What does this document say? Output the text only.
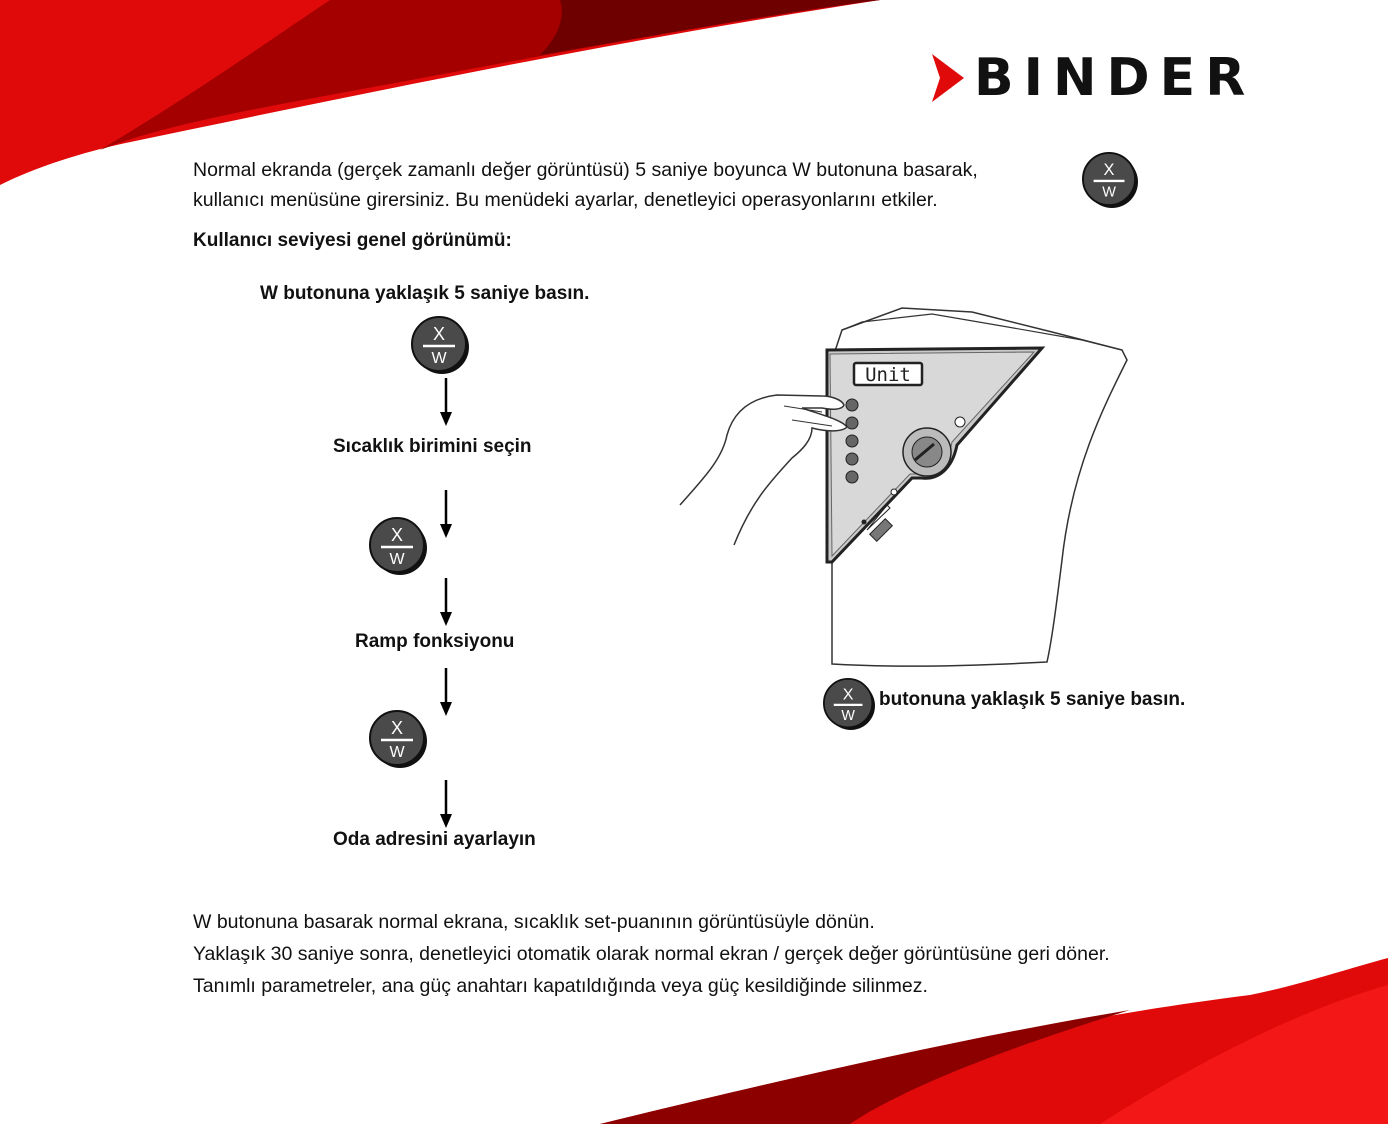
BINDER
Normal ekranda (gerçek zamanlı değer görüntüsü) 5 saniye boyunca W butonuna basarak,
kullanıcı menüsüne girersiniz. Bu menüdeki ayarlar, denetleyici operasyonlarını etkiler.
X
W
Kullanıcı seviyesi genel görünümü:
W butonuna yaklaşık 5 saniye basın.
X
W
Sıcaklık birimini seçin
X
W
Ramp fonksiyonu
X
W
Oda adresini ayarlayın
Unit
X
W
butonuna yaklaşık 5 saniye basın.
W butonuna basarak normal ekrana, sıcaklık set-puanının görüntüsüyle dönün.
Yaklaşık 30 saniye sonra, denetleyici otomatik olarak normal ekran / gerçek değer görüntüsüne geri döner.
Tanımlı parametreler, ana güç anahtarı kapatıldığında veya güç kesildiğinde silinmez.
